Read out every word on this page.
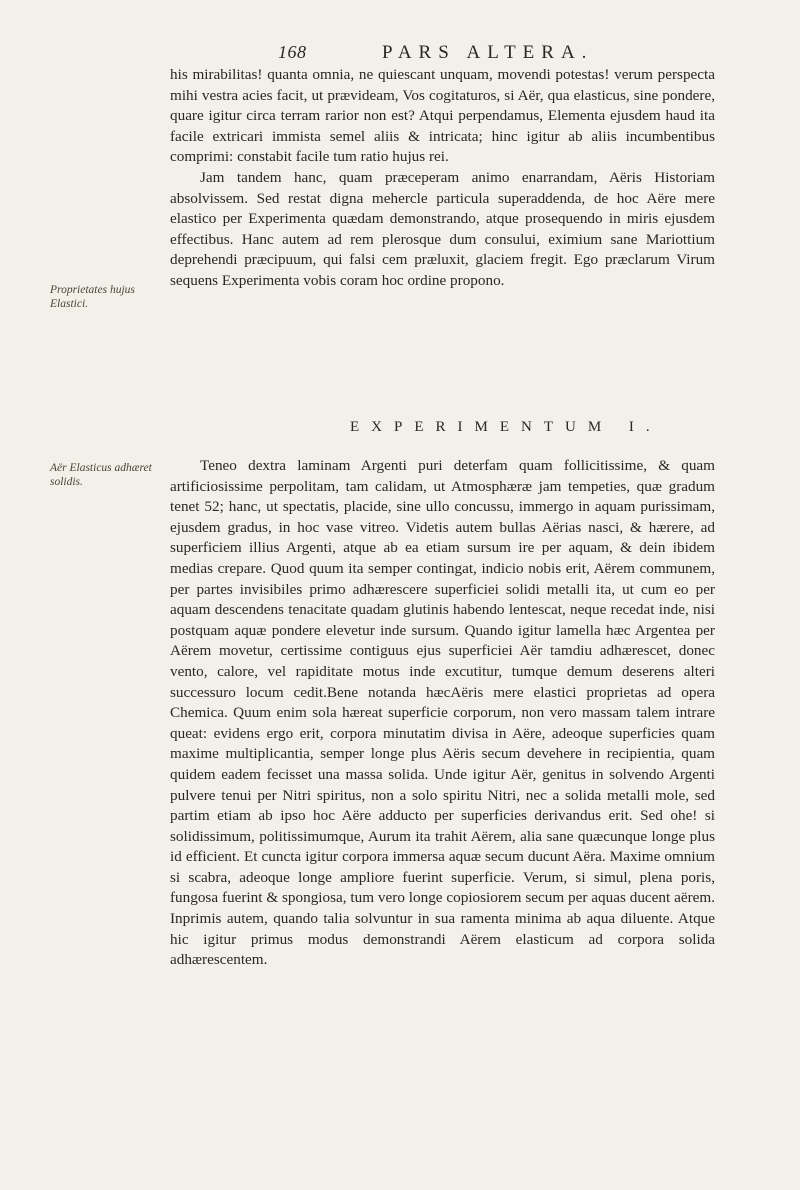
168	PARS ALTERA.
Proprietates hujus Elastici.

his mirabilitas! quanta omnia, ne quiescant unquam, movendi potestas! verum perspecta mihi vestra acies facit, ut prævideam, Vos cogitaturos, si Aër, qua elasticus, sine pondere, quare igitur circa terram rarior non est? Atqui perpendamus, Elementa ejusdem haud ita facile extricari immista semel aliis & intricata; hinc igitur ab aliis incumbentibus comprimi: constabit facile tum ratio hujus rei.

Jam tandem hanc, quam præceperam animo enarrandam, Aëris Historiam absolvissem. Sed restat digna mehercle particula superaddenda, de hoc Aëre mere elastico per Experimenta quædam demonstrando, atque prosequendo in miris ejusdem effectibus. Hanc autem ad rem plerosque dum consului, eximium sane Mariottium deprehendi præcipuum, qui falsi cem præluxit, glaciem fregit. Ego præclarum Virum sequens Experimenta vobis coram hoc ordine propono.

EXPERIMENTUM I.
Aër Elasticus adhæret solidis.

Teneo dextra laminam Argenti puri deterfam quam follicitissime, & quam artificiosissime perpolitam, tam calidam, ut Atmosphæræ jam tempeties, quæ gradum tenet 52; hanc, ut spectatis, placide, sine ullo concussu, immergo in aquam purissimam, ejusdem gradus, in hoc vase vitreo. Videtis autem bullas Aërias nasci, & hærere, ad superficiem illius Argenti, atque ab ea etiam sursum ire per aquam, & dein ibidem medias crepare. Quod quum ita semper contingat, indicio nobis erit, Aërem communem, per partes invisibiles primo adhærescere superficiei solidi metalli ita, ut cum eo per aquam descendens tenacitate quadam glutinis habendo lentescat, neque recedat inde, nisi postquam aquæ pondere elevetur inde sursum. Quando igitur lamella hæc Argentea per Aërem movetur, certissime contiguus ejus superficiei Aër tamdiu adhærescet, donec vento, calore, vel rapiditate motus inde excutitur, tumque demum deserens alteri successuro locum cedit.Bene notanda hæcAëris mere elastici proprietas ad opera Chemica. Quum enim sola hæreat superficie corporum, non vero massam talem intrare queat: evidens ergo erit, corpora minutatim divisa in Aëre, adeoque superficies quam maxime multiplicantia, semper longe plus Aëris secum devehere in recipientia, quam quidem eadem fecisset una massa solida. Unde igitur Aër, genitus in solvendo Argenti pulvere tenui per Nitri spiritus, non a solo spiritu Nitri, nec a solida metalli mole, sed partim etiam ab ipso hoc Aëre adducto per superficies derivandus erit. Sed ohe! si solidissimum, politissimumque, Aurum ita trahit Aërem, alia sane quæcunque longe plus id efficient. Et cuncta igitur corpora immersa aquæ secum ducunt Aëra. Maxime omnium si scabra, adeoque longe ampliore fuerint superficie. Verum, si simul, plena poris, fungosa fuerint & spongiosa, tum vero longe copiosiorem secum per aquas ducent aërem. Inprimis autem, quando talia solvuntur in sua ramenta minima ab aqua diluente. Atque hic igitur primus modus demonstrandi Aërem elasticum ad corpora solida adhærescentem.
